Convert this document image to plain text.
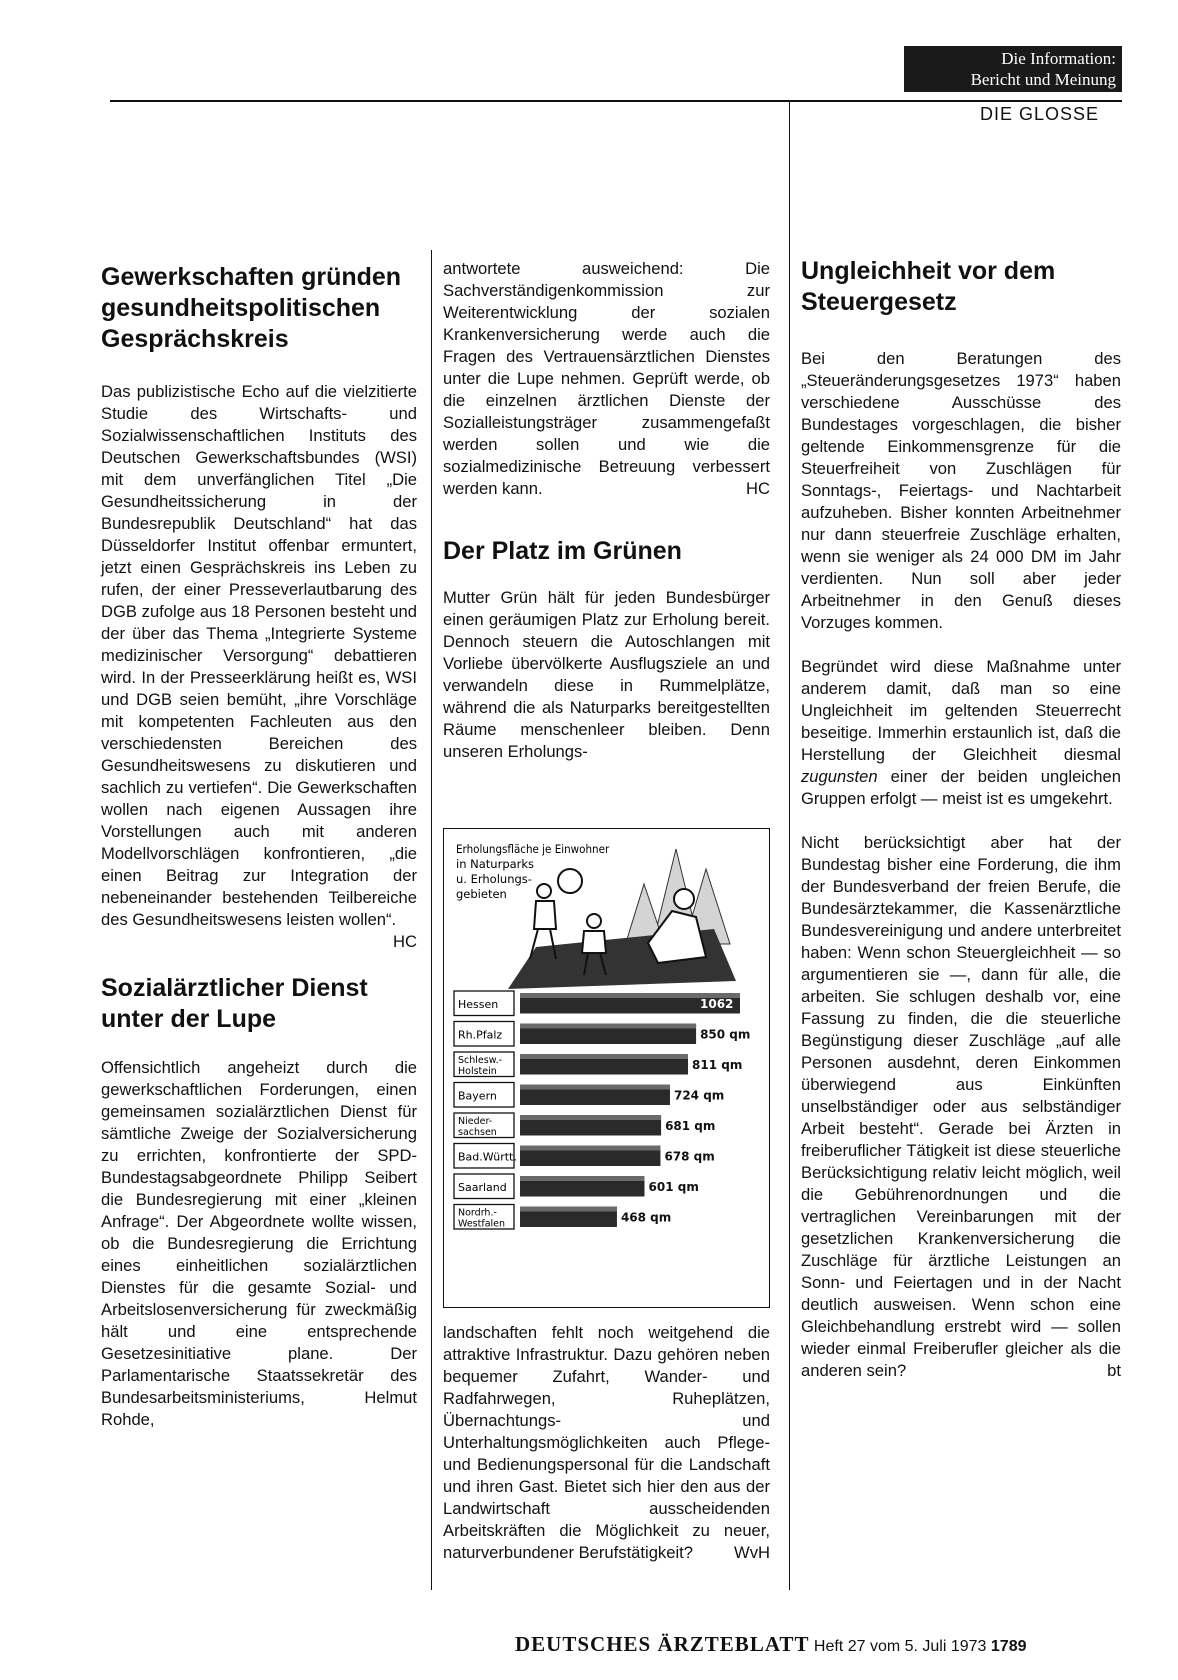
Die Information:
Bericht und Meinung
DIE GLOSSE
Gewerkschaften gründen gesundheitspolitischen Gesprächskreis

Das publizistische Echo auf die vielzitierte Studie des Wirtschafts- und Sozialwissenschaftlichen Instituts des Deutschen Gewerkschaftsbundes (WSI) mit dem unverfänglichen Titel „Die Gesundheitssicherung in der Bundesrepublik Deutschland“ hat das Düsseldorfer Institut offenbar ermuntert, jetzt einen Gesprächskreis ins Leben zu rufen, der einer Presseverlautbarung des DGB zufolge aus 18 Personen besteht und der über das Thema „Integrierte Systeme medizinischer Versorgung“ debattieren wird. In der Presseerklärung heißt es, WSI und DGB seien bemüht, „ihre Vorschläge mit kompetenten Fachleuten aus den verschiedensten Bereichen des Gesundheitswesens zu diskutieren und sachlich zu vertiefen“. Die Gewerkschaften wollen nach eigenen Aussagen ihre Vorstellungen auch mit anderen Modellvorschlägen konfrontieren, „die einen Beitrag zur Integration der nebeneinander bestehenden Teilbereiche des Gesundheitswesens leisten wollen“.
HC

Sozialärztlicher Dienst unter der Lupe

Offensichtlich angeheizt durch die gewerkschaftlichen Forderungen, einen gemeinsamen sozialärztlichen Dienst für sämtliche Zweige der Sozialversicherung zu errichten, konfrontierte der SPD-Bundestagsabgeordnete Philipp Seibert die Bundesregierung mit einer „kleinen Anfrage“. Der Abgeordnete wollte wissen, ob die Bundesregierung die Errichtung eines einheitlichen sozialärztlichen Dienstes für die gesamte Sozial- und Arbeitslosenversicherung für zweckmäßig hält und eine entsprechende Gesetzesinitiative plane. Der Parlamentarische Staatssekretär des Bundesarbeitsministeriums, Helmut Rohde,

antwortete ausweichend: Die Sachverständigenkommission zur Weiterentwicklung der sozialen Krankenversicherung werde auch die Fragen des Vertrauensärztlichen Dienstes unter die Lupe nehmen. Geprüft werde, ob die einzelnen ärztlichen Dienste der Sozialleistungsträger zusammengefaßt werden sollen und wie die sozialmedizinische Betreuung verbessert werden kann.	HC

Der Platz im Grünen

Mutter Grün hält für jeden Bundesbürger einen geräumigen Platz zur Erholung bereit. Dennoch steuern die Autoschlangen mit Vorliebe übervölkerte Ausflugsziele an und verwandeln diese in Rummelplätze, während die als Naturparks bereitgestellten Räume menschenleer bleiben. Denn unseren Erholungs-

Erholungsfläche je Einwohner
in Naturparks
u. Erholungs-
gebieten
Hessen	1062
Rh.Pfalz	850 qm
Schlesw.-
Holstein	811 qm
Bayern	724 qm
Nieder-
sachsen	681 qm
Bad.Württ.	678 qm
Saarland	601 qm
Nordrh.-
Westfalen	468 qm

landschaften fehlt noch weitgehend die attraktive Infrastruktur. Dazu gehören neben bequemer Zufahrt, Wander- und Radfahrwegen, Ruheplätzen, Übernachtungs- und Unterhaltungsmöglichkeiten auch Pflege- und Bedienungspersonal für die Landschaft und ihren Gast. Bietet sich hier den aus der Landwirtschaft ausscheidenden Arbeitskräften die Möglichkeit zu neuer, naturverbundener Berufstätigkeit? WvH

Ungleichheit vor dem Steuergesetz

Bei den Beratungen des „Steueränderungsgesetzes 1973“ haben verschiedene Ausschüsse des Bundestages vorgeschlagen, die bisher geltende Einkommensgrenze für die Steuerfreiheit von Zuschlägen für Sonntags-, Feiertags- und Nachtarbeit aufzuheben. Bisher konnten Arbeitnehmer nur dann steuerfreie Zuschläge erhalten, wenn sie weniger als 24 000 DM im Jahr verdienten. Nun soll aber jeder Arbeitnehmer in den Genuß dieses Vorzuges kommen.

Begründet wird diese Maßnahme unter anderem damit, daß man so eine Ungleichheit im geltenden Steuerrecht beseitige. Immerhin erstaunlich ist, daß die Herstellung der Gleichheit diesmal zugunsten einer der beiden ungleichen Gruppen erfolgt — meist ist es umgekehrt.

Nicht berücksichtigt aber hat der Bundestag bisher eine Forderung, die ihm der Bundesverband der freien Berufe, die Bundesärztekammer, die Kassenärztliche Bundesvereinigung und andere unterbreitet haben: Wenn schon Steuergleichheit — so argumentieren sie —, dann für alle, die arbeiten. Sie schlugen deshalb vor, eine Fassung zu finden, die die steuerliche Begünstigung dieser Zuschläge „auf alle Personen ausdehnt, deren Einkommen überwiegend aus Einkünften unselbständiger oder aus selbständiger Arbeit besteht“. Gerade bei Ärzten in freiberuflicher Tätigkeit ist diese steuerliche Berücksichtigung relativ leicht möglich, weil die Gebührenordnungen und die vertraglichen Vereinbarungen mit der gesetzlichen Krankenversicherung die Zuschläge für ärztliche Leistungen an Sonn- und Feiertagen und in der Nacht deutlich ausweisen. Wenn schon eine Gleichbehandlung erstrebt wird — sollen wieder einmal Freiberufler gleicher als die anderen sein?	bt

DEUTSCHES ÄRZTEBLATT Heft 27 vom 5. Juli 1973 1789
